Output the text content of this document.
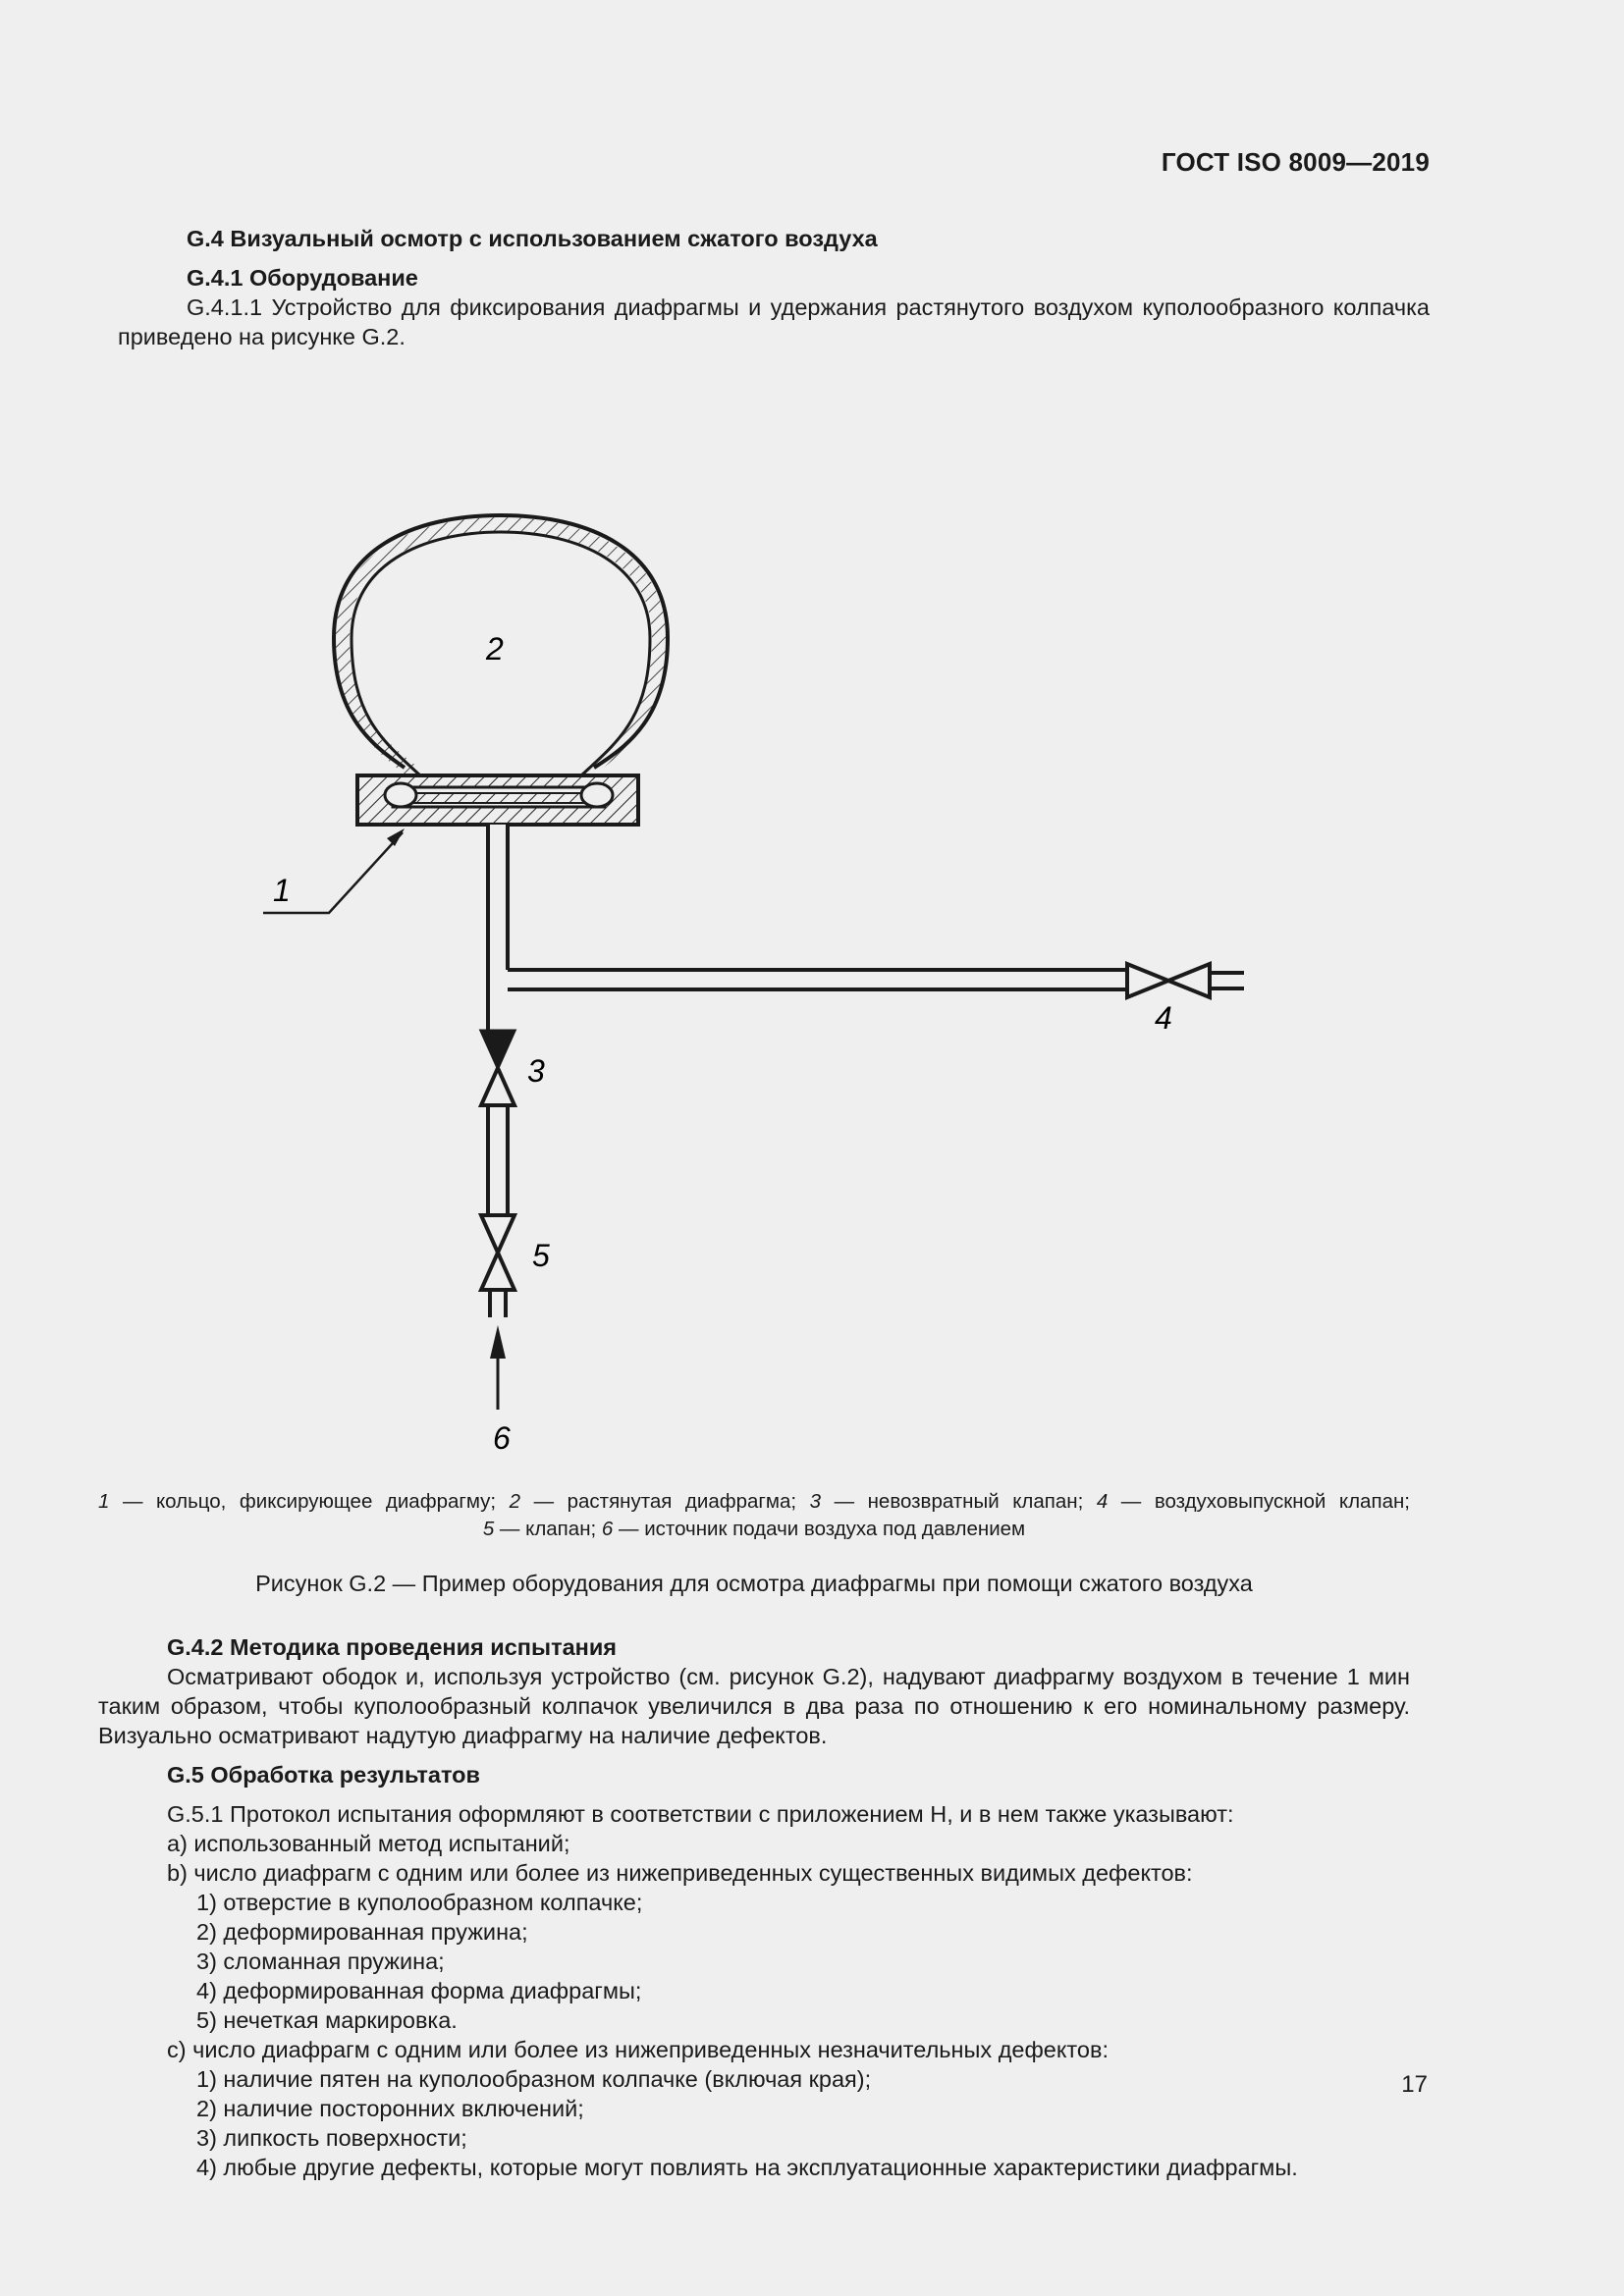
ГОСТ ISO 8009—2019
G.4 Визуальный осмотр с использованием сжатого воздуха
G.4.1 Оборудование

G.4.1.1 Устройство для фиксирования диафрагмы и удержания растянутого воздухом куполообразного колпачка приведено на рисунке G.2.

2
1
3
4
5
6
1 — кольцо, фиксирующее диафрагму; 2 — растянутая диафрагма; 3 — невозвратный клапан; 4 — воздуховыпускной клапан;
5 — клапан; 6 — источник подачи воздуха под давлением
Рисунок G.2 — Пример оборудования для осмотра диафрагмы при помощи сжатого воздуха
G.4.2 Методика проведения испытания

Осматривают ободок и, используя устройство (см. рисунок G.2), надувают диафрагму воздухом в течение 1 мин таким образом, чтобы куполообразный колпачок увеличился в два раза по отношению к его номинальному размеру. Визуально осматривают надутую диафрагму на наличие дефектов.

G.5 Обработка результатов

G.5.1 Протокол испытания оформляют в соответствии с приложением Н, и в нем также указывают:

a) использованный метод испытаний;
b) число диафрагм с одним или более из нижеприведенных существенных видимых дефектов:
1) отверстие в куполообразном колпачке;
2) деформированная пружина;
3) сломанная пружина;
4) деформированная форма диафрагмы;
5) нечеткая маркировка.
c) число диафрагм с одним или более из нижеприведенных незначительных дефектов:
1) наличие пятен на куполообразном колпачке (включая края);
2) наличие посторонних включений;
3) липкость поверхности;
4) любые другие дефекты, которые могут повлиять на эксплуатационные характеристики диафрагмы.
17
